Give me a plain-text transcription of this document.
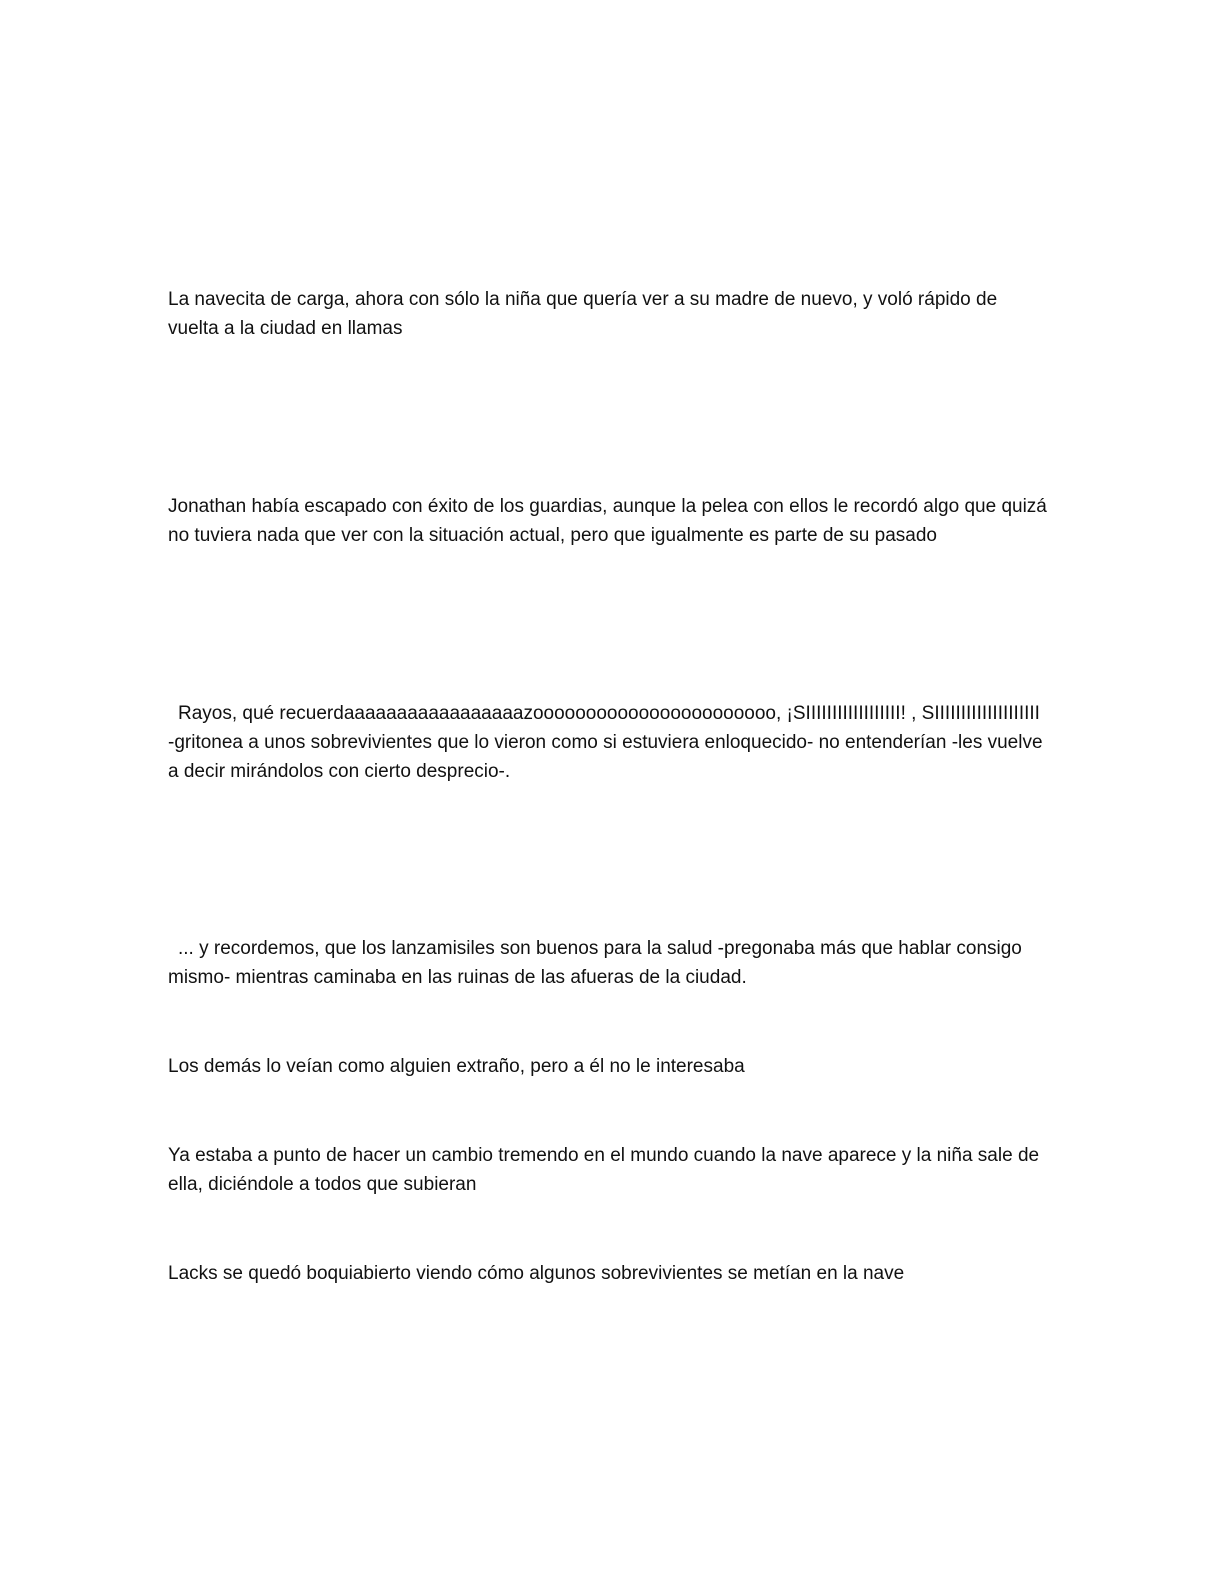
La navecita de carga, ahora con sólo la niña que quería ver a su madre de nuevo, y voló rápido de vuelta a la ciudad en llamas

Jonathan había escapado con éxito de los guardias, aunque la pelea con ellos le recordó algo que quizá no tuviera nada que ver con la situación actual, pero que igualmente es parte de su pasado

Rayos, qué recuerdaaaaaaaaaaaaaaaaazooooooooooooooooooooooo, ¡SIIIIIIIIIIIIIIIIII! , SIIIIIIIIIIIIIIIIIIII -gritonea a unos sobrevivientes que lo vieron como si estuviera enloquecido- no entenderían -les vuelve a decir mirándolos con cierto desprecio-.

... y recordemos, que los lanzamisiles son buenos para la salud -pregonaba más que hablar consigo mismo- mientras caminaba en las ruinas de las afueras de la ciudad.

Los demás lo veían como alguien extraño, pero a él no le interesaba

Ya estaba a punto de hacer un cambio tremendo en el mundo cuando la nave aparece y la niña sale de ella, diciéndole a todos que subieran

Lacks se quedó boquiabierto viendo cómo algunos sobrevivientes se metían en la nave
